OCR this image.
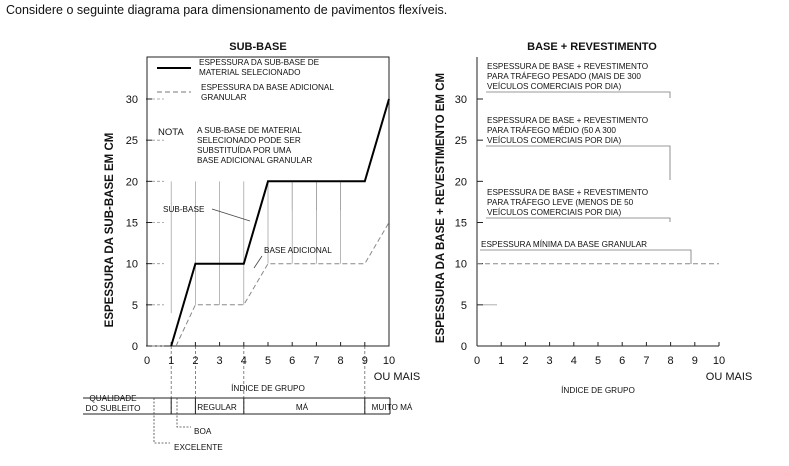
Considere o seguinte diagrama para dimensionamento de pavimentos flexíveis.

SUB-BASE
ESPESSURA DA SUB-BASE EM CM
0
5
10
15
20
25
30
0 1 2 3 4 5 6 7 8 9 10
OU MAIS
ESPESSURA DA SUB-BASE DE
MATERIAL SELECIONADO
ESPESSURA DA BASE ADICIONAL
GRANULAR
NOTA A SUB-BASE DE MATERIAL
SELECIONADO PODE SER
SUBSTITUÍDA POR UMA
BASE ADICIONAL GRANULAR
SUB-BASE
BASE ADICIONAL
BASE + REVESTIMENTO
ESPESSURA DA BASE + REVESTIMENTO EM CM
0
5
10
15
20
25
30
0 1 2 3 4 5 6 7 8 9 10
OU MAIS
ÍNDICE DE GRUPO
ESPESSURA DE BASE + REVESTIMENTO
PARA TRÁFEGO PESADO (MAIS DE 300
VEÍCULOS COMERCIAIS POR DIA)
ESPESSURA DE BASE + REVESTIMENTO
PARA TRÁFEGO MÉDIO (50 A 300
VEÍCULOS COMERCIAIS POR DIA)
ESPESSURA DE BASE + REVESTIMENTO
PARA TRÁFEGO LEVE (MENOS DE 50
VEÍCULOS COMERCIAIS POR DIA)
ESPESSURA MÍNIMA DA BASE GRANULAR
ÍNDICE DE GRUPO
QUALIDADE
DO SUBLEITO	REGULAR	MÁ	MUITO MÁ
BOA
EXCELENTE
